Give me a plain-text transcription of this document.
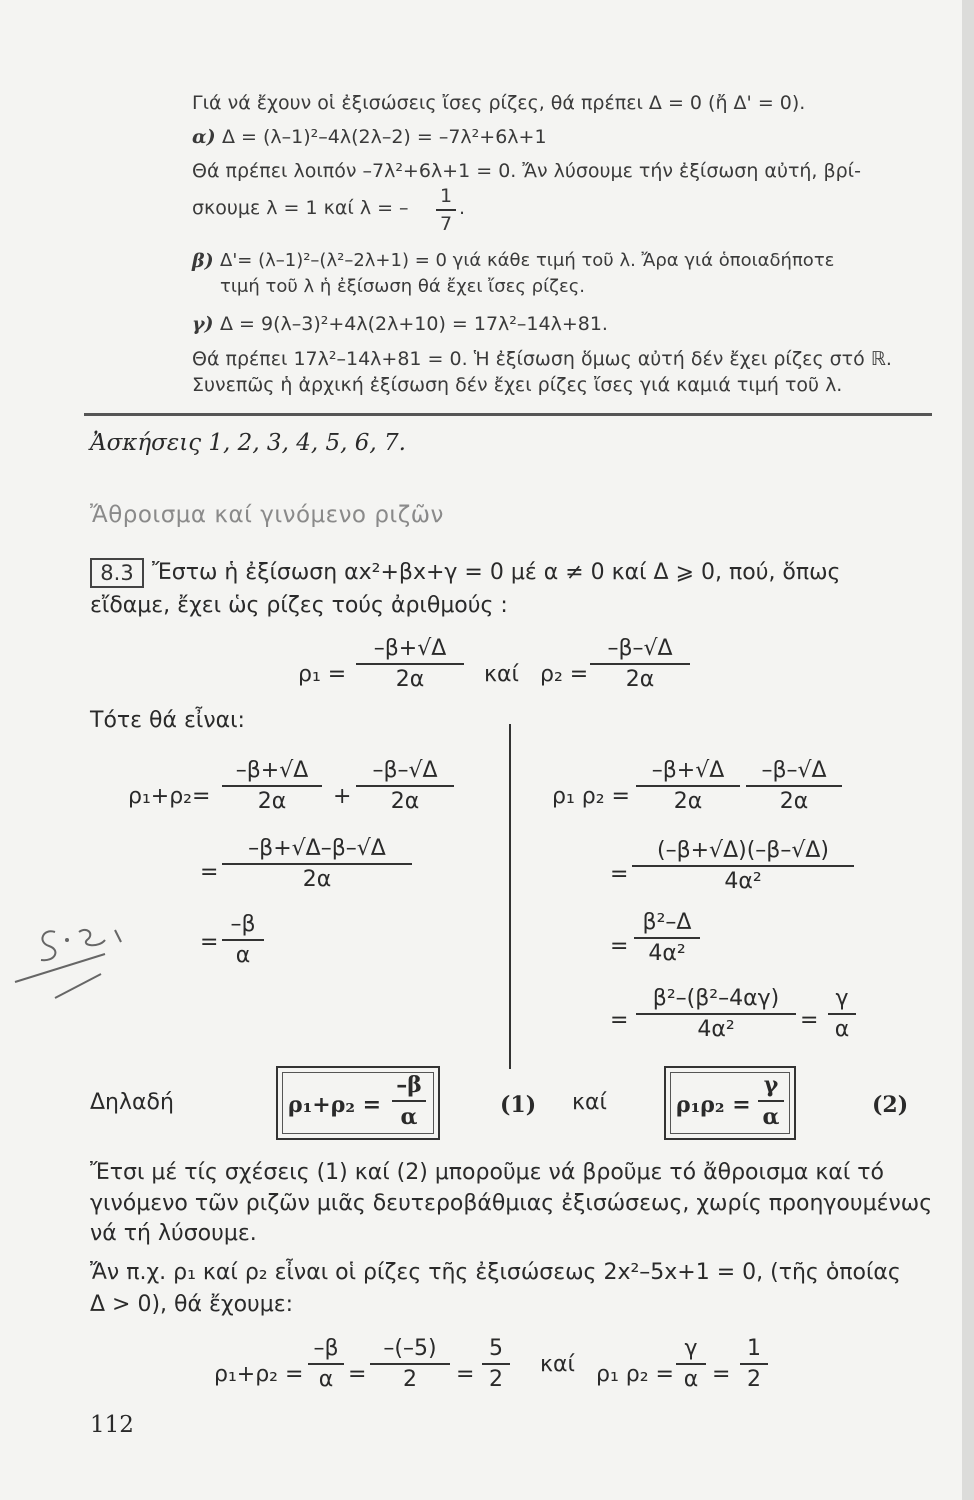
Γιά νά ἔχουν οἱ ἐξισώσεις ἴσες ρίζες, θά πρέπει Δ = 0 (ἤ Δ' = 0).
α) Δ = (λ–1)²–4λ(2λ–2) = –7λ²+6λ+1
Θά πρέπει λοιπόν –7λ²+6λ+1 = 0. Ἄν λύσουμε τήν ἐξίσωση αὐτή, βρί-
σκουμε λ = 1 καί λ = –
1
7
.
β) Δ'= (λ–1)²–(λ²–2λ+1) = 0 γιά κάθε τιμή τοῦ λ. Ἄρα γιά ὁποιαδήποτε
τιμή τοῦ λ ἡ ἐξίσωση θά ἔχει ἴσες ρίζες.
γ) Δ = 9(λ–3)²+4λ(2λ+10) = 17λ²–14λ+81.
Θά πρέπει 17λ²–14λ+81 = 0. Ἡ ἐξίσωση ὅμως αὐτή δέν ἔχει ρίζες στό ℝ.
Συνεπῶς ἡ ἀρχική ἐξίσωση δέν ἔχει ρίζες ἴσες γιά καμιά τιμή τοῦ λ.
Ἀσκήσεις 1, 2, 3, 4, 5, 6, 7.
Ἄθροισμα καί γινόμενο ριζῶν
8.3 Ἔστω ἡ ἐξίσωση αx²+βx+γ = 0 μέ α ≠ 0 καί Δ ⩾ 0, πού, ὅπως
εἴδαμε, ἔχει ὡς ρίζες τούς ἀριθμούς :
ρ₁ =
–β+√Δ
2α	καί ρ₂ =
–β–√Δ
2α
Τότε θά εἶναι:
ρ₁+ρ₂=
–β+√Δ
2α	+
–β–√Δ
2α
=
–β+√Δ–β–√Δ
2α
=
–β
α
ρ₁ ρ₂ =
–β+√Δ
2α
–β–√Δ
2α
=
(–β+√Δ)(–β–√Δ)
4α²
=
β²–Δ
4α²
=
β²–(β²–4αγ)
4α²	=
γ
α
Δηλαδή	ρ₁+ρ₂ =
–β
α	(1) καί	ρ₁ρ₂ =
γ
α	(2)
Ἔτσι μέ τίς σχέσεις (1) καί (2) μποροῦμε νά βροῦμε τό ἄθροισμα καί τό
γινόμενο τῶν ριζῶν μιᾶς δευτεροβάθμιας ἐξισώσεως, χωρίς προηγουμένως
νά τή λύσουμε.
Ἄν π.χ. ρ₁ καί ρ₂ εἶναι οἱ ρίζες τῆς ἐξισώσεως 2x²–5x+1 = 0, (τῆς ὁποίας
Δ > 0), θά ἔχουμε:
ρ₁+ρ₂ =
–β
α =
–(–5)
2	=
5
2
καί ρ₁ ρ₂ =
γ
α =
1
2
112
